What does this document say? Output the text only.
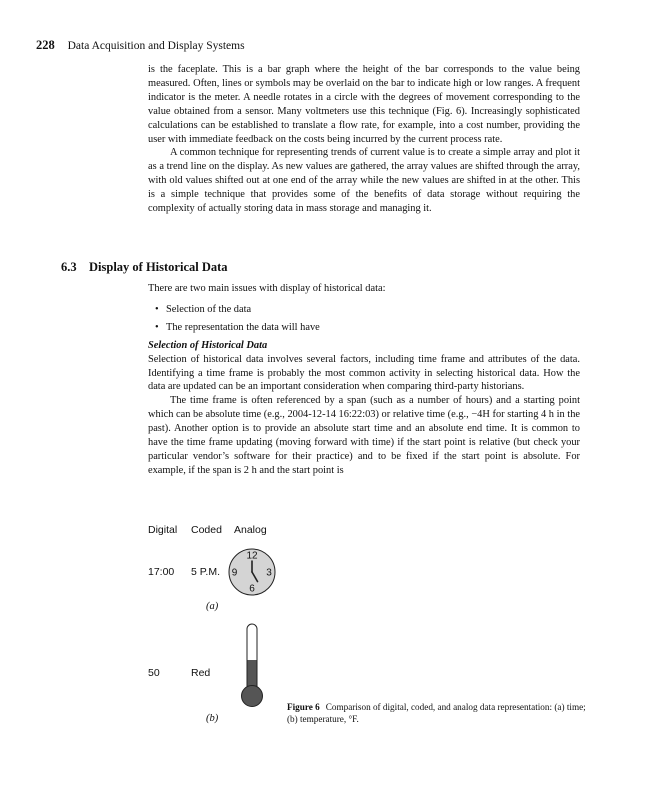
228 Data Acquisition and Display Systems

is the faceplate. This is a bar graph where the height of the bar corresponds to the value being measured. Often, lines or symbols may be overlaid on the bar to indicate high or low ranges. A frequent indicator is the meter. A needle rotates in a circle with the degrees of movement corresponding to the value obtained from a sensor. Many voltmeters use this technique (Fig. 6). Increasingly sophisticated calculations can be established to translate a flow rate, for example, into a cost number, providing the user with immediate feedback on the costs being incurred by the current process rate.

A common technique for representing trends of current value is to create a simple array and plot it as a trend line on the display. As new values are gathered, the array values are shifted through the array, with old values shifted out at one end of the array while the new values are shifted in at the other. This is a simple technique that provides some of the benefits of data storage without requiring the complexity of actually storing data in mass storage and managing it.

6.3 Display of Historical Data

There are two main issues with display of historical data:

• Selection of the data
• The representation the data will have

Selection of Historical Data

Selection of historical data involves several factors, including time frame and attributes of the data. Identifying a time frame is probably the most common activity in selecting historical data. How the data are updated can be an important consideration when comparing third-party historians.

The time frame is often referenced by a span (such as a number of hours) and a starting point which can be absolute time (e.g., 2004-12-14 16:22:03) or relative time (e.g., −4H for starting 4 h in the past). Another option is to provide an absolute start time and an absolute end time. It is common to have the time frame updating (moving forward with time) if the start point is relative (but check your particular vendor’s software for their practice) and to be fixed if the start point is absolute. For example, if the span is 2 h and the start point is

Digital Coded Analog
17:00 5 P.M.
12
3
6
9
(a)
50	Red
(b)
Figure 6 Comparison of digital, coded, and analog data representation: (a) time; (b) temperature, °F.
